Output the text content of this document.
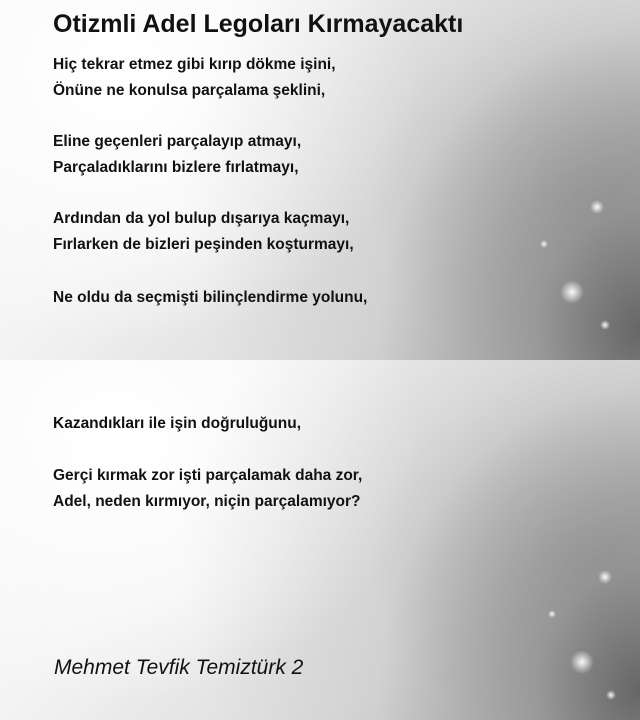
Otizmli Adel Legoları Kırmayacaktı

Hiç tekrar etmez gibi kırıp dökme işini,
Önüne ne konulsa parçalama şeklini,

Eline geçenleri parçalayıp atmayı,
Parçaladıklarını bizlere fırlatmayı,

Ardından da yol bulup dışarıya kaçmayı,
Fırlarken de bizleri peşinden koşturmayı,

Ne oldu da seçmişti bilinçlendirme yolunu,

Kazandıkları ile işin doğruluğunu,

Gerçi kırmak zor işti parçalamak daha zor,
Adel, neden kırmıyor, niçin parçalamıyor?

Mehmet Tevfik Temiztürk 2
